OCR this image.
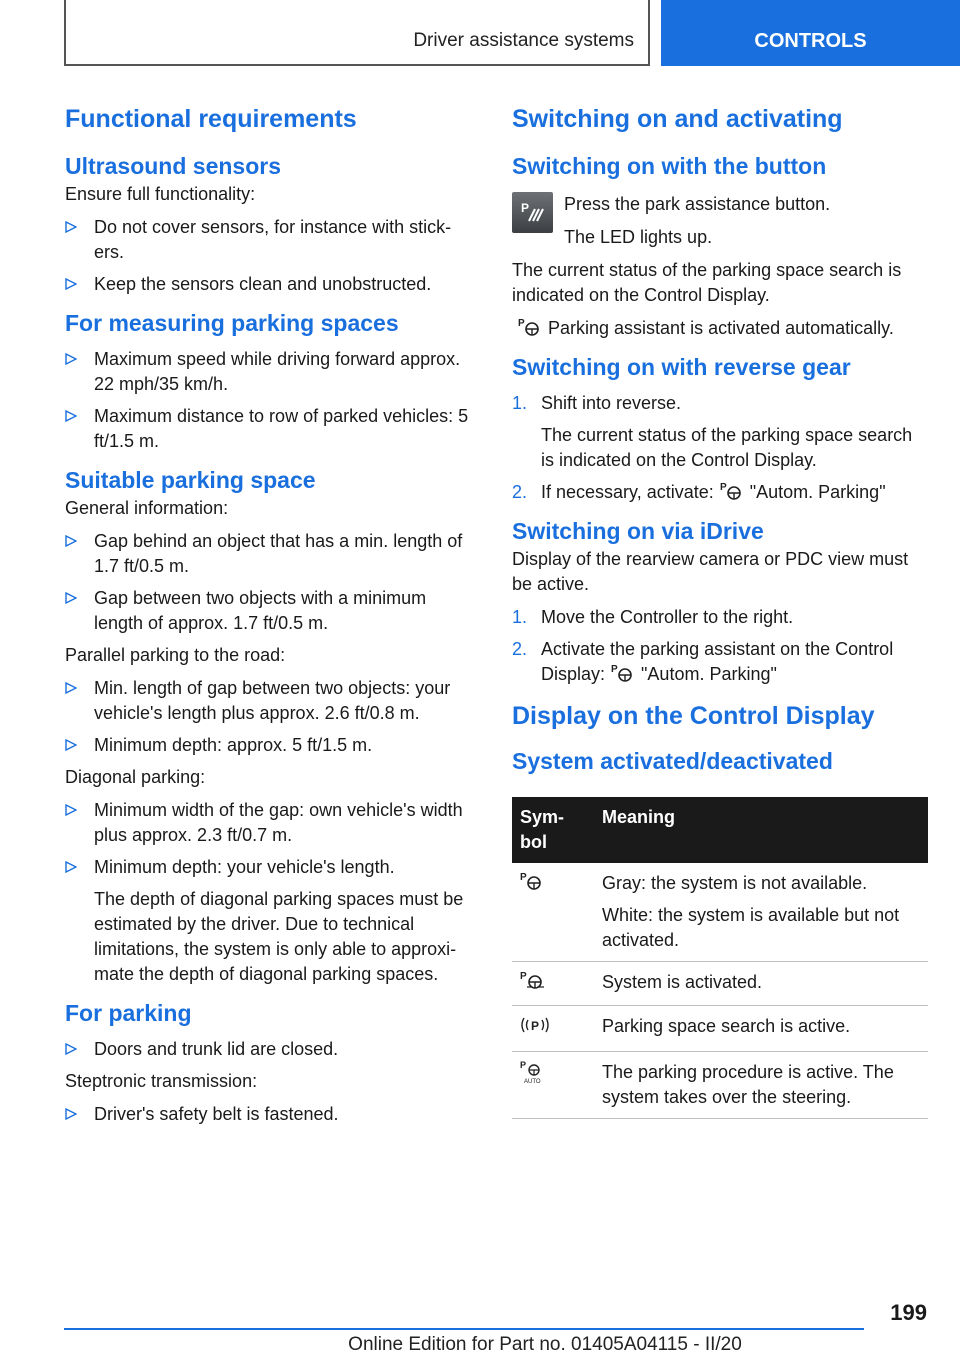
Driver assistance systems	CONTROLS
Functional requirements
Ultrasound sensors

Ensure full functionality:

Do not cover sensors, for instance with stick-ers.
Keep the sensors clean and unobstructed.
For measuring parking spaces
Maximum speed while driving forward approx. 22 mph/35 km/h.
Maximum distance to row of parked vehicles: 5 ft/1.5 m.
Suitable parking space

General information:

Gap behind an object that has a min. length of 1.7 ft/0.5 m.
Gap between two objects with a minimum length of approx. 1.7 ft/0.5 m.

Parallel parking to the road:

Min. length of gap between two objects: your vehicle's length plus approx. 2.6 ft/0.8 m.
Minimum depth: approx. 5 ft/1.5 m.

Diagonal parking:

Minimum width of the gap: own vehicle's width plus approx. 2.3 ft/0.7 m.
Minimum depth: your vehicle's length.

The depth of diagonal parking spaces must be estimated by the driver. Due to technical limitations, the system is only able to approxi-mate the depth of diagonal parking spaces.

For parking
Doors and trunk lid are closed.

Steptronic transmission:

Driver's safety belt is fastened.
Switching on and activating
Switching on with the button
P Press the park assistance button.

The LED lights up.

The current status of the parking space search is indicated on the Control Display.

P Parking assistant is activated automatically.

Switching on with reverse gear
1. Shift into reverse.

The current status of the parking space search is indicated on the Control Display.

2. If necessary, activate: P "Autom. Parking"
Switching on via iDrive

Display of the rearview camera or PDC view must be active.

1. Move the Controller to the right.
2. Activate the parking assistant on the Control Display: P "Autom. Parking"
Display on the Control Display
System activated/deactivated
Sym-bol	Meaning

P	Gray: the system is not available.

White: the system is available but not activated.

P	System is activated.

P	Parking space search is active.

P
AUTO	The parking procedure is active. The system takes over the steering.

199
Online Edition for Part no. 01405A04115 - II/20
